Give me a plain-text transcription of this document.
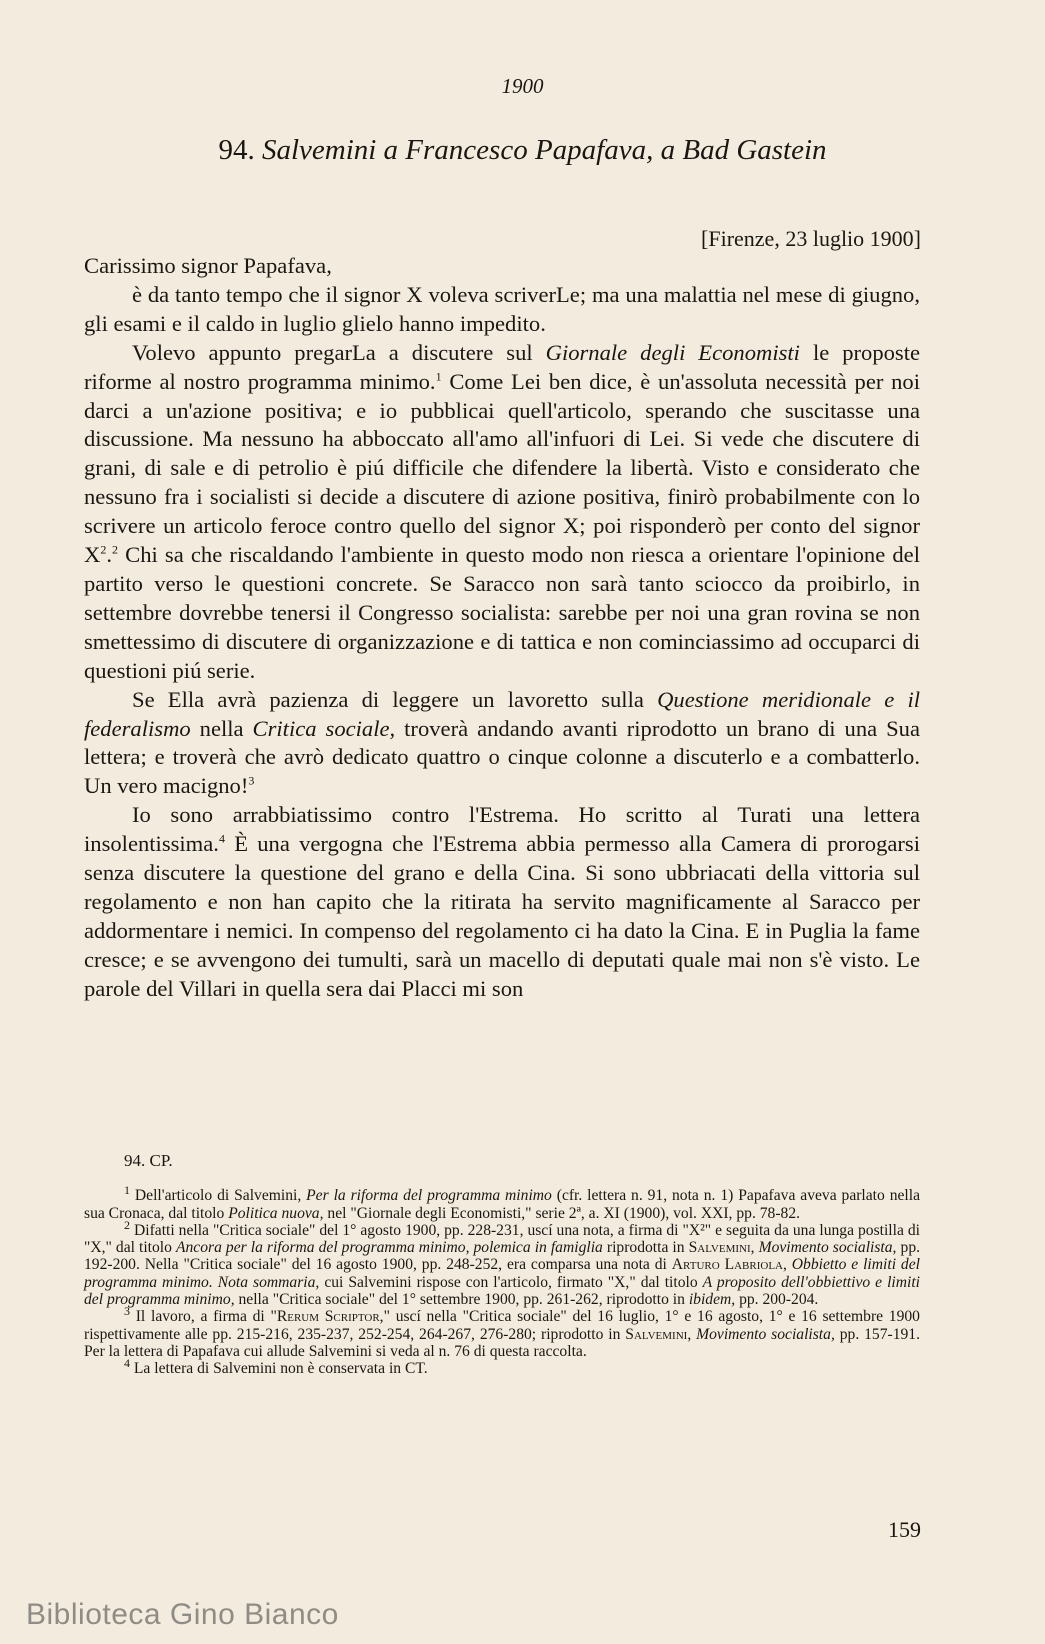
1900
94. Salvemini a Francesco Papafava, a Bad Gastein
[Firenze, 23 luglio 1900]

Carissimo signor Papafava,

è da tanto tempo che il signor X voleva scriverLe; ma una malattia nel mese di giugno, gli esami e il caldo in luglio glielo hanno impedito.

Volevo appunto pregarLa a discutere sul Giornale degli Economisti le proposte riforme al nostro programma minimo.$^1$ Come Lei ben dice, è un'assoluta necessità per noi darci a un'azione positiva; e io pubblicai quell'articolo, sperando che suscitasse una discussione. Ma nessuno ha abboccato all'amo all'infuori di Lei. Si vede che discutere di grani, di sale e di petrolio è piú difficile che difendere la libertà. Visto e considerato che nessuno fra i socialisti si decide a discutere di azione positiva, finirò probabilmente con lo scrivere un articolo feroce contro quello del signor X; poi risponderò per conto del signor $X^2.^2$ Chi sa che riscaldando l'ambiente in questo modo non riesca a orientare l'opinione del partito verso le questioni concrete. Se Saracco non sarà tanto sciocco da proibirlo, in settembre dovrebbe tenersi il Congresso socialista: sarebbe per noi una gran rovina se non smettessimo di discutere di organizzazione e di tattica e non cominciassimo ad occuparci di questioni piú serie.

Se Ella avrà pazienza di leggere un lavoretto sulla Questione meridionale e il federalismo nella Critica sociale, troverà andando avanti riprodotto un brano di una Sua lettera; e troverà che avrò dedicato quattro o cinque colonne a discuterlo e a combatterlo. Un vero macigno!$^3$

Io sono arrabbiatissimo contro l'Estrema. Ho scritto al Turati una lettera insolentissima.$^4$ È una vergogna che l'Estrema abbia permesso alla Camera di prorogarsi senza discutere la questione del grano e della Cina. Si sono ubbriacati della vittoria sul regolamento e non han capito che la ritirata ha servito magnificamente al Saracco per addormentare i nemici. In compenso del regolamento ci ha dato la Cina. E in Puglia la fame cresce; e se avvengono dei tumulti, sarà un macello di deputati quale mai non s'è visto. Le parole del Villari in quella sera dai Placci mi son

94. CP.

$^1$ Dell'articolo di Salvemini, Per la riforma del programma minimo (cfr. lettera n. 91, nota n. 1) Papafava aveva parlato nella sua Cronaca, dal titolo Politica nuova, nel "Giornale degli Economisti," serie 2ª, a. XI (1900), vol. XXI, pp. 78-82.

$^2$ Difatti nella "Critica sociale" del 1° agosto 1900, pp. 228-231, uscí una nota, a firma di "X²" e seguita da una lunga postilla di "X," dal titolo Ancora per la riforma del programma minimo, polemica in famiglia riprodotta in Salvemini, Movimento socialista, pp. 192-200. Nella "Critica sociale" del 16 agosto 1900, pp. 248-252, era comparsa una nota di Arturo Labriola, Obbietto e limiti del programma minimo. Nota sommaria, cui Salvemini rispose con l'articolo, firmato "X," dal titolo A proposito dell'obbiettivo e limiti del programma minimo, nella "Critica sociale" del 1° settembre 1900, pp. 261-262, riprodotto in ibidem, pp. 200-204.

$^3$ Il lavoro, a firma di "Rerum Scriptor," uscí nella "Critica sociale" del 16 luglio, 1° e 16 agosto, 1° e 16 settembre 1900 rispettivamente alle pp. 215-216, 235-237, 252-254, 264-267, 276-280; riprodotto in Salvemini, Movimento socialista, pp. 157-191. Per la lettera di Papafava cui allude Salvemini si veda al n. 76 di questa raccolta.

$^4$ La lettera di Salvemini non è conservata in CT.

159
Biblioteca Gino Bianco
